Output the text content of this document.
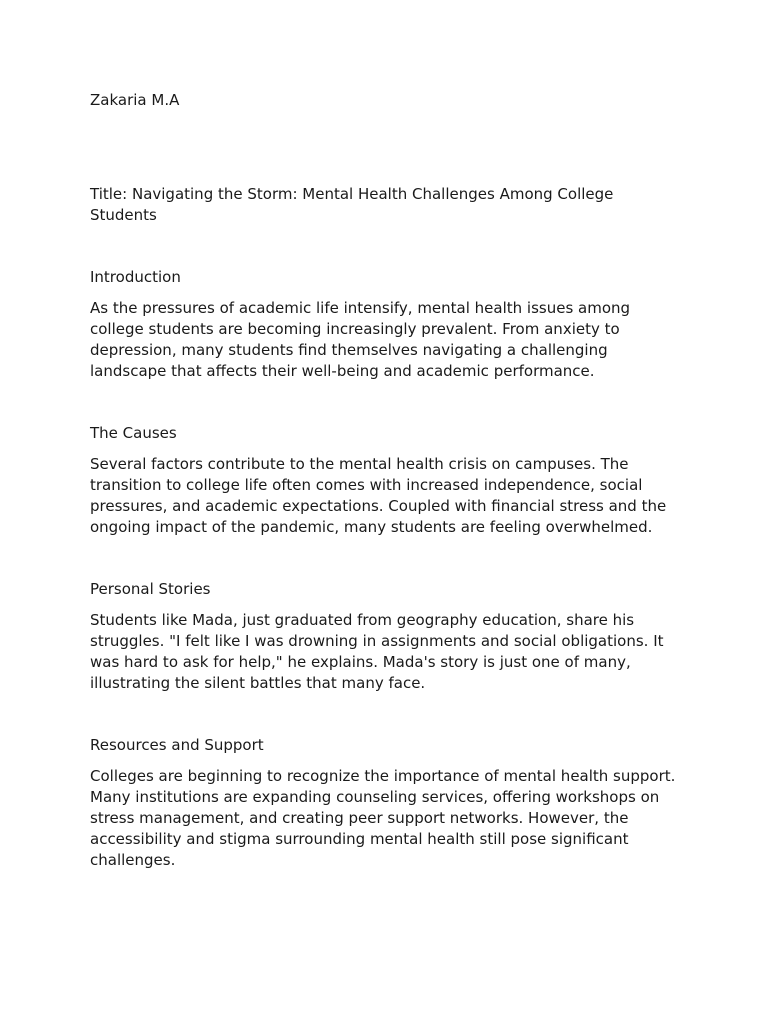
Zakaria M.A

Title: Navigating the Storm: Mental Health Challenges Among College Students
Introduction

As the pressures of academic life intensify, mental health issues among college students are becoming increasingly prevalent. From anxiety to depression, many students find themselves navigating a challenging landscape that affects their well-being and academic performance.

The Causes

Several factors contribute to the mental health crisis on campuses. The transition to college life often comes with increased independence, social pressures, and academic expectations. Coupled with financial stress and the ongoing impact of the pandemic, many students are feeling overwhelmed.

Personal Stories

Students like Mada, just graduated from geography education, share his struggles. "I felt like I was drowning in assignments and social obligations. It was hard to ask for help," he explains. Mada's story is just one of many, illustrating the silent battles that many face.

Resources and Support

Colleges are beginning to recognize the importance of mental health support. Many institutions are expanding counseling services, offering workshops on stress management, and creating peer support networks. However, the accessibility and stigma surrounding mental health still pose significant challenges.
